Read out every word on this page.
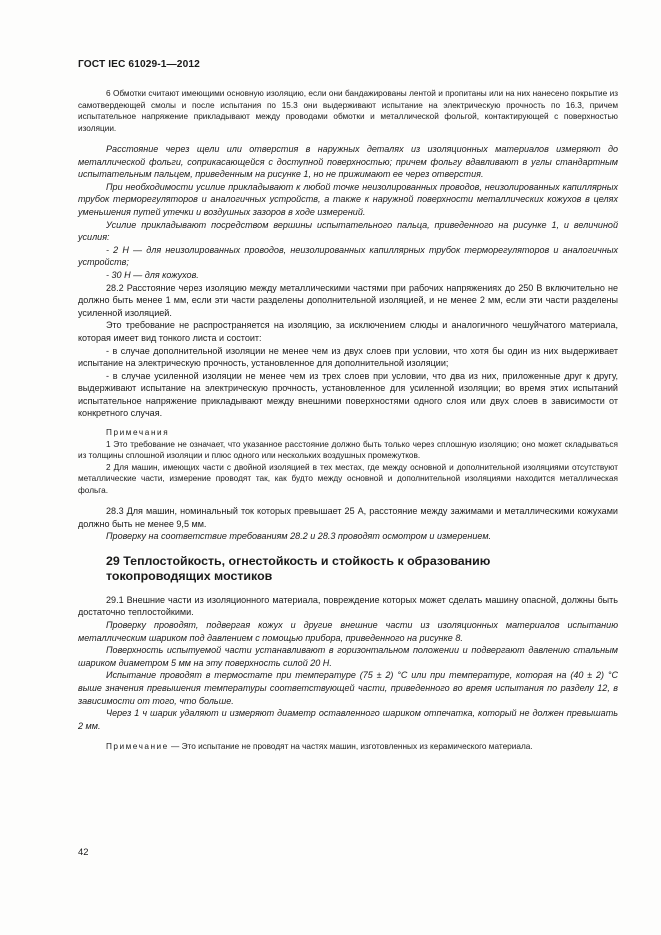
ГОСТ IEC 61029-1—2012

6 Обмотки считают имеющими основную изоляцию, если они бандажированы лентой и пропитаны или на них нанесено покрытие из самотвердеющей смолы и после испытания по 15.3 они выдерживают испытание на электрическую прочность по 16.3, причем испытательное напряжение прикладывают между проводами обмотки и металлической фольгой, контактирующей с поверхностью изоляции.

Расстояние через щели или отверстия в наружных деталях из изоляционных материалов измеряют до металлической фольги, соприкасающейся с доступной поверхностью; причем фольгу вдавливают в углы стандартным испытательным пальцем, приведенным на рисунке 1, но не прижимают ее через отверстия.

При необходимости усилие прикладывают к любой точке неизолированных проводов, неизолированных капиллярных трубок терморегуляторов и аналогичных устройств, а также к наружной поверхности металлических кожухов в целях уменьшения путей утечки и воздушных зазоров в ходе измерений.

Усилие прикладывают посредством вершины испытательного пальца, приведенного на рисунке 1, и величиной усилия:

- 2 Н — для неизолированных проводов, неизолированных капиллярных трубок терморегуляторов и аналогичных устройств;

- 30 Н — для кожухов.

28.2 Расстояние через изоляцию между металлическими частями при рабочих напряжениях до 250 В включительно не должно быть менее 1 мм, если эти части разделены дополнительной изоляцией, и не менее 2 мм, если эти части разделены усиленной изоляцией.

Это требование не распространяется на изоляцию, за исключением слюды и аналогичного чешуйчатого материала, которая имеет вид тонкого листа и состоит:

- в случае дополнительной изоляции не менее чем из двух слоев при условии, что хотя бы один из них выдерживает испытание на электрическую прочность, установленное для дополнительной изоляции;

- в случае усиленной изоляции не менее чем из трех слоев при условии, что два из них, приложенные друг к другу, выдерживают испытание на электрическую прочность, установленное для усиленной изоляции; во время этих испытаний испытательное напряжение прикладывают между внешними поверхностями одного слоя или двух слоев в зависимости от конкретного случая.

Примечания

1 Это требование не означает, что указанное расстояние должно быть только через сплошную изоляцию; оно может складываться из толщины сплошной изоляции и плюс одного или нескольких воздушных промежутков.

2 Для машин, имеющих части с двойной изоляцией в тех местах, где между основной и дополнительной изоляциями отсутствуют металлические части, измерение проводят так, как будто между основной и дополнительной изоляциями находится металлическая фольга.

28.3 Для машин, номинальный ток которых превышает 25 А, расстояние между зажимами и металлическими кожухами должно быть не менее 9,5 мм.

Проверку на соответствие требованиям 28.2 и 28.3 проводят осмотром и измерением.

29 Теплостойкость, огнестойкость и стойкость к образованию
токопроводящих мостиков

29.1 Внешние части из изоляционного материала, повреждение которых может сделать машину опасной, должны быть достаточно теплостойкими.

Проверку проводят, подвергая кожух и другие внешние части из изоляционных материалов испытанию металлическим шариком под давлением с помощью прибора, приведенного на рисунке 8.

Поверхность испытуемой части устанавливают в горизонтальном положении и подвергают давлению стальным шариком диаметром 5 мм на эту поверхность силой 20 Н.

Испытание проводят в термостате при температуре (75 ± 2) °С или при температуре, которая на (40 ± 2) °С выше значения превышения температуры соответствующей части, приведенного во время испытания по разделу 12, в зависимости от того, что больше.

Через 1 ч шарик удаляют и измеряют диаметр оставленного шариком отпечатка, который не должен превышать 2 мм.

Примечание — Это испытание не проводят на частях машин, изготовленных из керамического материала.

42
